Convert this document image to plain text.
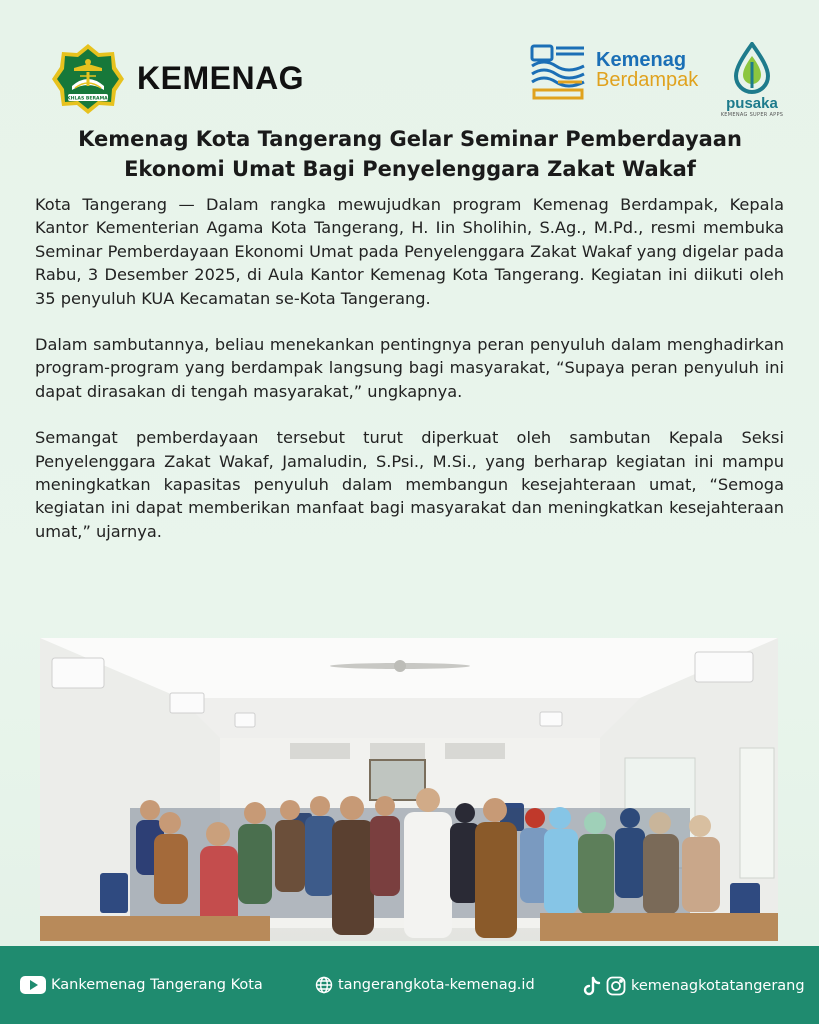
IKHLAS BERAMAL
KEMENAG	Kemenag
Berdampak
pusaka
KEMENAG SUPER APPS
Kemenag Kota Tangerang Gelar Seminar Pemberdayaan
Ekonomi Umat Bagi Penyelenggara Zakat Wakaf

Kota Tangerang — Dalam rangka mewujudkan program Kemenag Berdampak, Kepala Kantor Kementerian Agama Kota Tangerang, H. Iin Sholihin, S.Ag., M.Pd., resmi membuka Seminar Pemberdayaan Ekonomi Umat pada Penyelenggara Zakat Wakaf yang digelar pada Rabu, 3 Desember 2025, di Aula Kantor Kemenag Kota Tangerang. Kegiatan ini diikuti oleh 35 penyuluh KUA Kecamatan se-Kota Tangerang.

Dalam sambutannya, beliau menekankan pentingnya peran penyuluh dalam menghadirkan program-program yang berdampak langsung bagi masyarakat, “Supaya peran penyuluh ini dapat dirasakan di tengah masyarakat,” ungkapnya.

Semangat pemberdayaan tersebut turut diperkuat oleh sambutan Kepala Seksi Penyelenggara Zakat Wakaf, Jamaludin, S.Psi., M.Si., yang berharap kegiatan ini mampu meningkatkan kapasitas penyuluh dalam membangun kesejahteraan umat, “Semoga kegiatan ini dapat memberikan manfaat bagi masyarakat dan meningkatkan kesejahteraan umat,” ujarnya.

Kankemenag Tangerang Kota	tangerangkota-kemenag.id	kemenagkotatangerang
